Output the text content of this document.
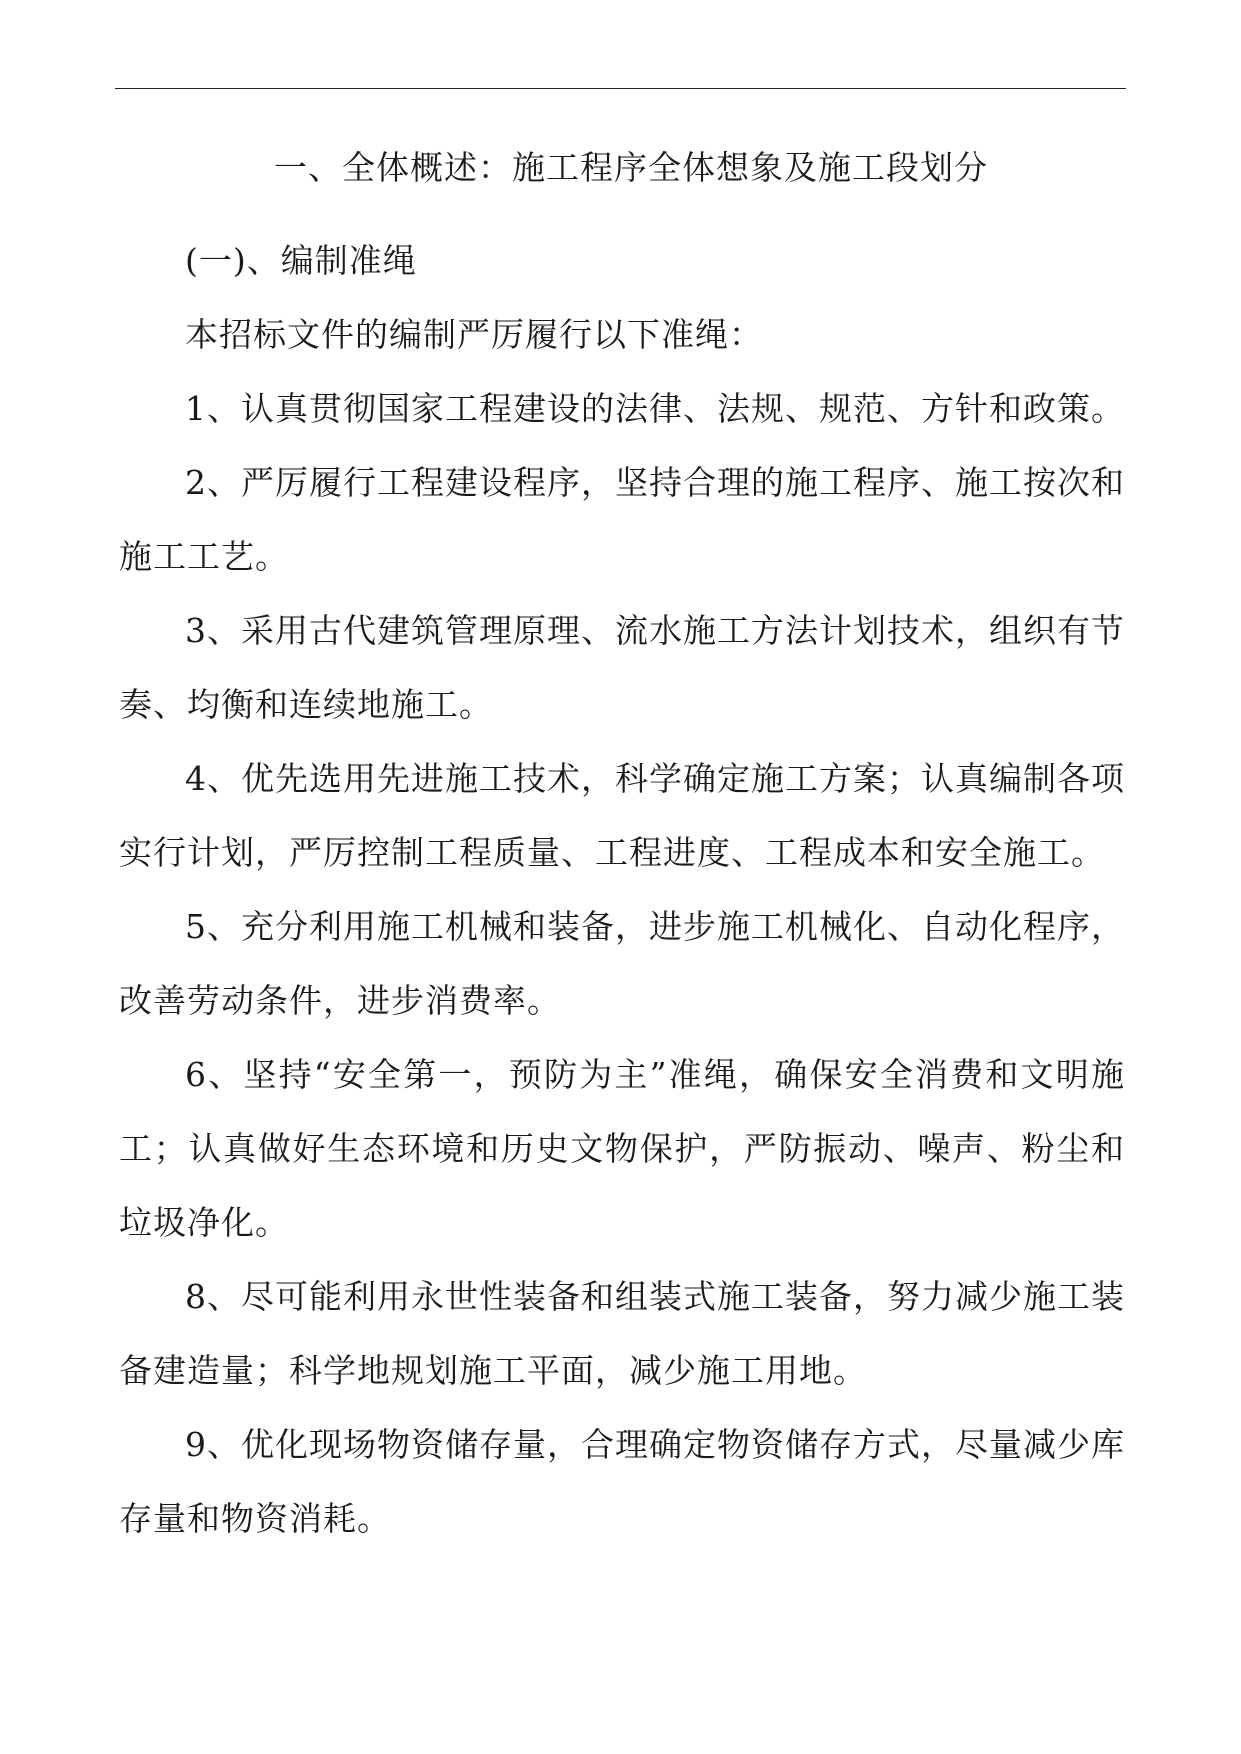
一、全体概述：施工程序全体想象及施工段划分

(一)、编制准绳

本招标文件的编制严厉履行以下准绳：

1、认真贯彻国家工程建设的法律、法规、规范、方针和政策。

2、严厉履行工程建设程序，坚持合理的施工程序、施工按次和施工工艺。

3、采用古代建筑管理原理、流水施工方法计划技术，组织有节奏、均衡和连续地施工。

4、优先选用先进施工技术，科学确定施工方案；认真编制各项实行计划，严厉控制工程质量、工程进度、工程成本和安全施工。

5、充分利用施工机械和装备，进步施工机械化、自动化程序，改善劳动条件，进步消费率。

6、坚持“安全第一，预防为主”准绳，确保安全消费和文明施工；认真做好生态环境和历史文物保护，严防振动、噪声、粉尘和垃圾净化。

8、尽可能利用永世性装备和组装式施工装备，努力减少施工装备建造量；科学地规划施工平面，减少施工用地。

9、优化现场物资储存量，合理确定物资储存方式，尽量减少库存量和物资消耗。
